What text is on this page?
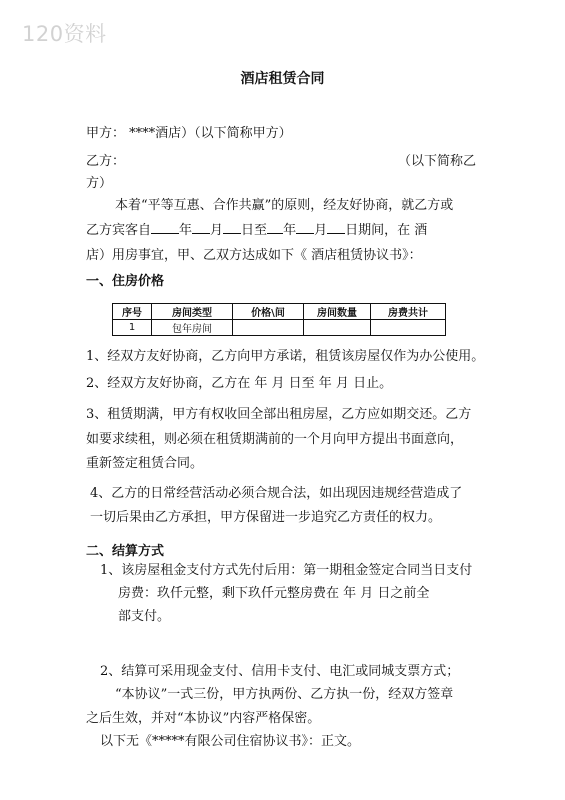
120资料
酒店租赁合同
甲方： ****酒店）（以下简称甲方）
乙方：	（以下简称乙
方）
本着“平等互惠、合作共赢”的原则，经友好协商，就乙方或
乙方宾客自 年 月 日至 年 月 日期间，在 酒
店）用房事宜，甲、乙双方达成如下《 酒店租赁协议书》：
一、住房价格
序号	房间类型	价格\间	房间数量	房费共计
1	包年房间			
1、经双方友好协商，乙方向甲方承诺，租赁该房屋仅作为办公使用。
2、经双方友好协商，乙方在 年 月 日至 年 月 日止。
3、租赁期满，甲方有权收回全部出租房屋，乙方应如期交还。乙方
如要求续租，则必须在租赁期满前的一个月向甲方提出书面意向，
重新签定租赁合同。
4、乙方的日常经营活动必须合规合法，如出现因违规经营造成了
一切后果由乙方承担，甲方保留进一步追究乙方责任的权力。
二、结算方式
1、该房屋租金支付方式先付后用：第一期租金签定合同当日支付
房费：玖仟元整，剩下玖仟元整房费在 年 月 日之前全
部支付。
2、结算可采用现金支付、信用卡支付、电汇或同城支票方式；
“本协议”一式三份，甲方执两份、乙方执一份，经双方签章
之后生效，并对“本协议”内容严格保密。
以下无《*****有限公司住宿协议书》：正文。
